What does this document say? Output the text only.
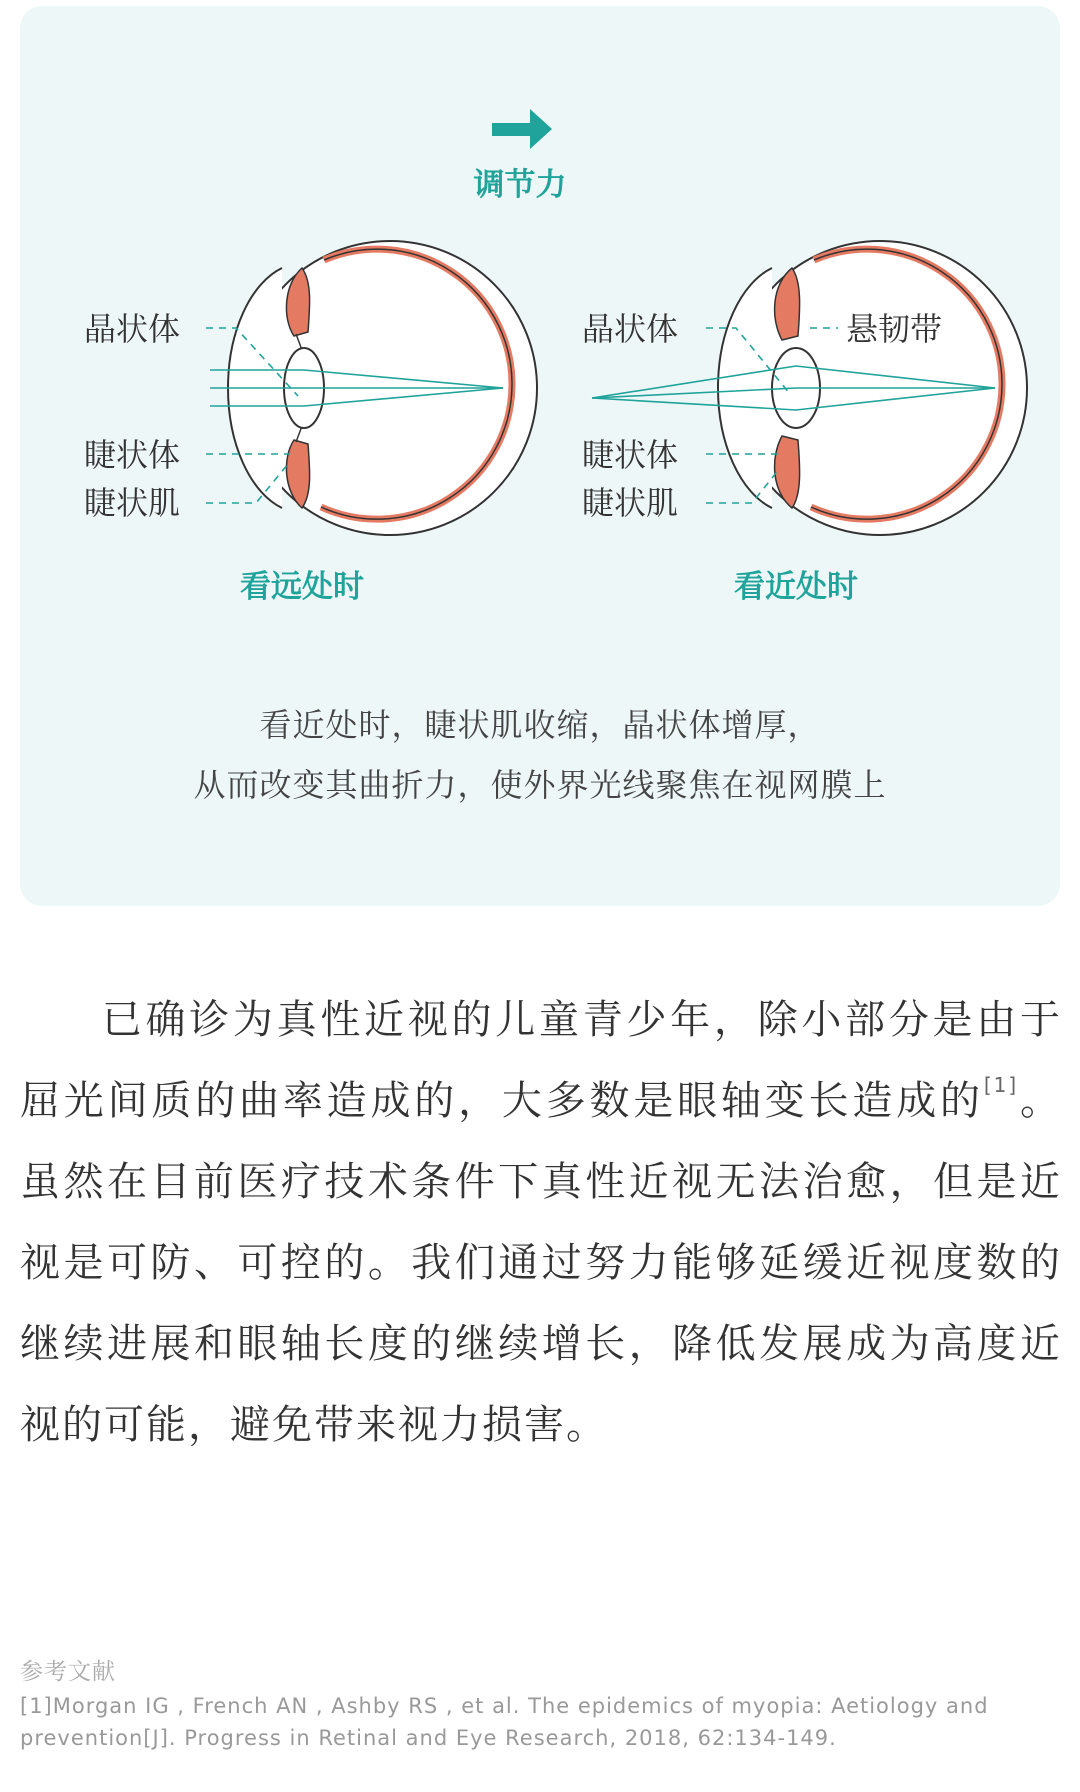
调节力
晶状体
睫状体
睫状肌
看远处时
晶状体	悬韧带
睫状体
睫状肌
看近处时
看近处时，睫状肌收缩，晶状体增厚，
从而改变其曲折力，使外界光线聚焦在视网膜上
已确诊为真性近视的儿童青少年，除小部分是由于屈光间质的曲率造成的，大多数是眼轴变长造成的[1]。虽然在目前医疗技术条件下真性近视无法治愈，但是近视是可防、可控的。我们通过努力能够延缓近视度数的继续进展和眼轴长度的继续增长，降低发展成为高度近视的可能，避免带来视力损害。
参考文献
[1]Morgan IG , French AN , Ashby RS , et al. The epidemics of myopia: Aetiology and
prevention[J]. Progress in Retinal and Eye Research, 2018, 62:134-149.
